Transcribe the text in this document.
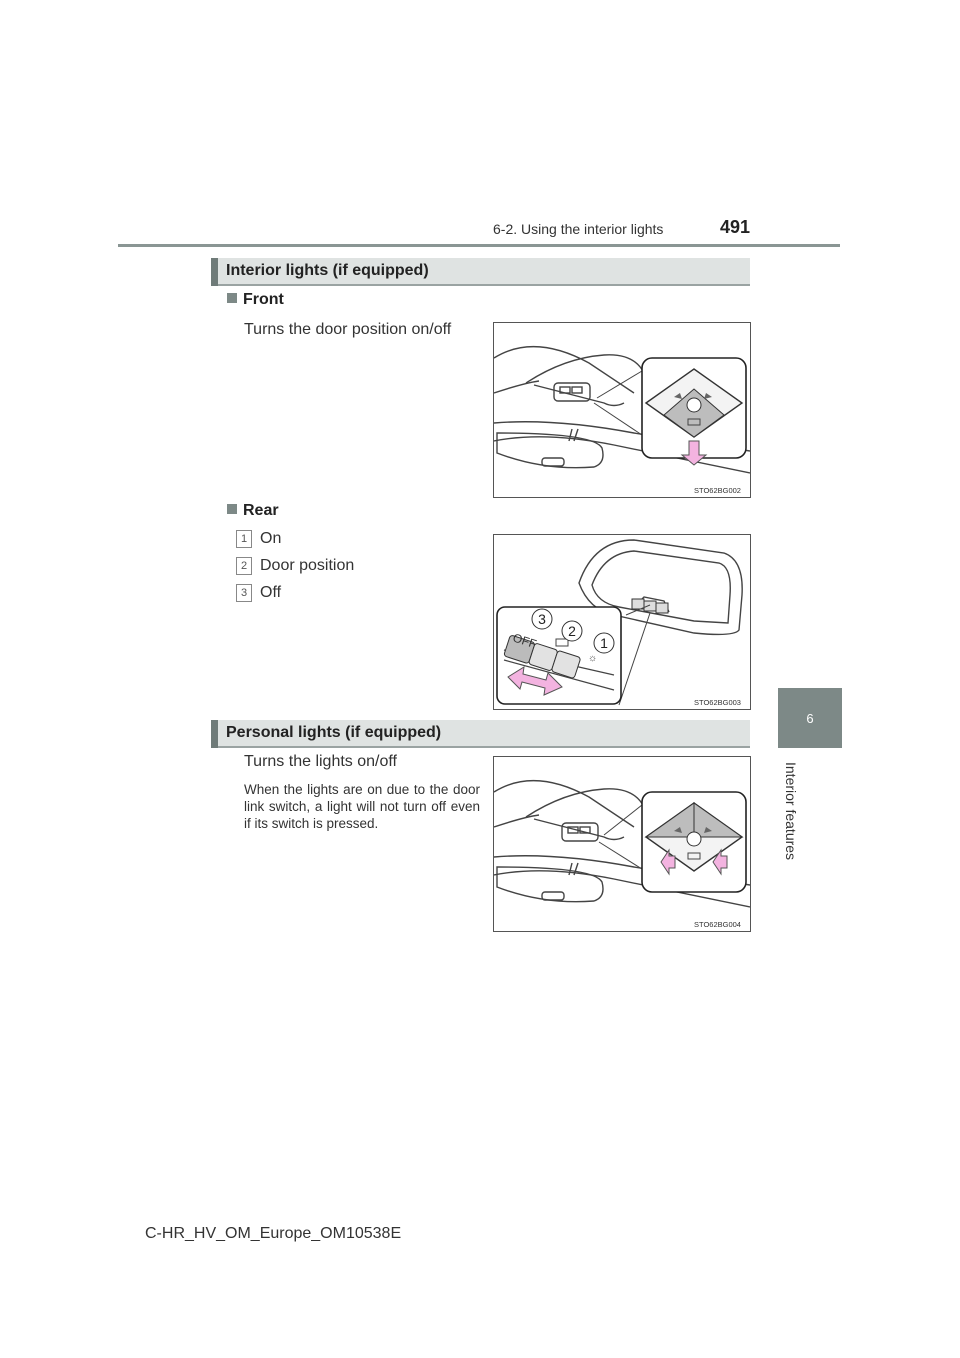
6-2. Using the interior lights	491
6
Interior features
Interior lights (if equipped)
Front
Turns the door position on/off
STO62BG002
Rear
1 On
2 Door position
3 Off
OFF
☼
3
2
1
STO62BG003
Personal lights (if equipped)
Turns the lights on/off
When the lights are on due to the door link switch, a light will not turn off even if its switch is pressed.
STO62BG004
C-HR_HV_OM_Europe_OM10538E
